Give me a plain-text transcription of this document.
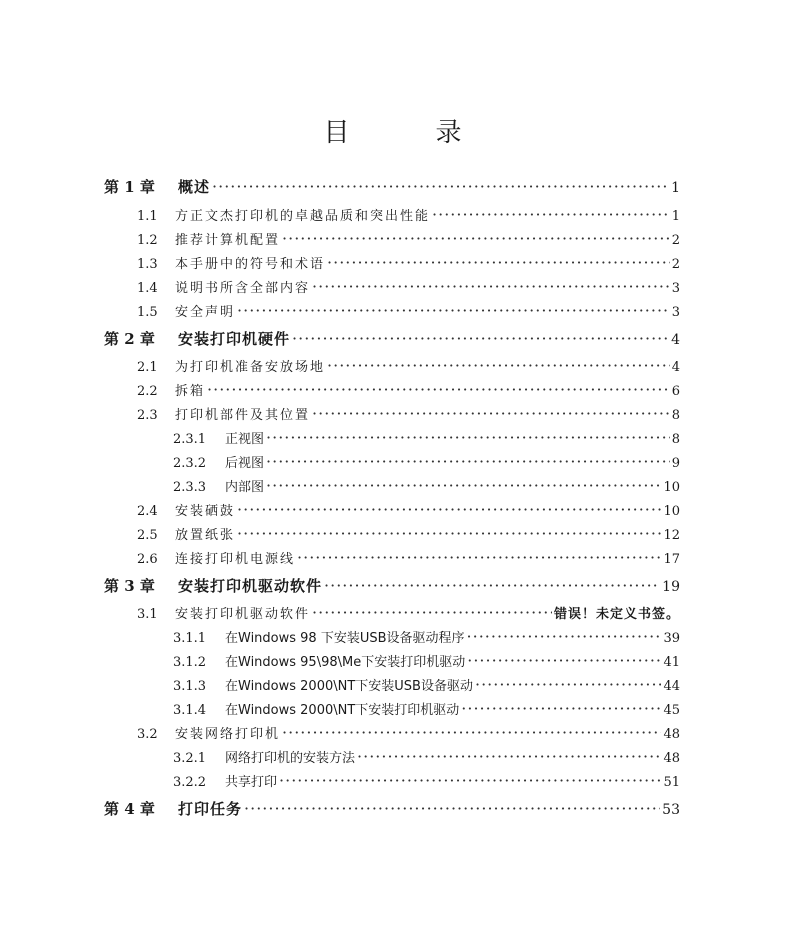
目　录
第 1 章	概述 ·····	1
1.1	方正文杰打印机的卓越品质和突出性能 ·····	1
1.2	推荐计算机配置 ·····	2
1.3	本手册中的符号和术语 ·····	2
1.4	说明书所含全部内容 ·····	3
1.5	安全声明 ·····	3
第 2 章	安装打印机硬件 ·····	4
2.1	为打印机准备安放场地 ·····	4
2.2	拆箱 ·····	6
2.3	打印机部件及其位置 ·····	8
2.3.1	正视图 ·····	8
2.3.2	后视图 ·····	9
2.3.3	内部图 ·····	10
2.4	安装硒鼓 ·····	10
2.5	放置纸张 ·····	12
2.6	连接打印机电源线 ·····	17
第 3 章	安装打印机驱动软件 ·····	19
3.1	安装打印机驱动软件 ·····	错误！未定义书签。
3.1.1	在Windows 98 下安装USB设备驱动程序 ·····	39
3.1.2	在Windows 95\98\Me下安装打印机驱动 ·····	41
3.1.3	在Windows 2000\NT下安装USB设备驱动 ·····	44
3.1.4	在Windows 2000\NT下安装打印机驱动 ·····	45
3.2	安装网络打印机 ·····	48
3.2.1	网络打印机的安装方法 ·····	48
3.2.2	共享打印 ·····	51
第 4 章	打印任务 ·····	53
